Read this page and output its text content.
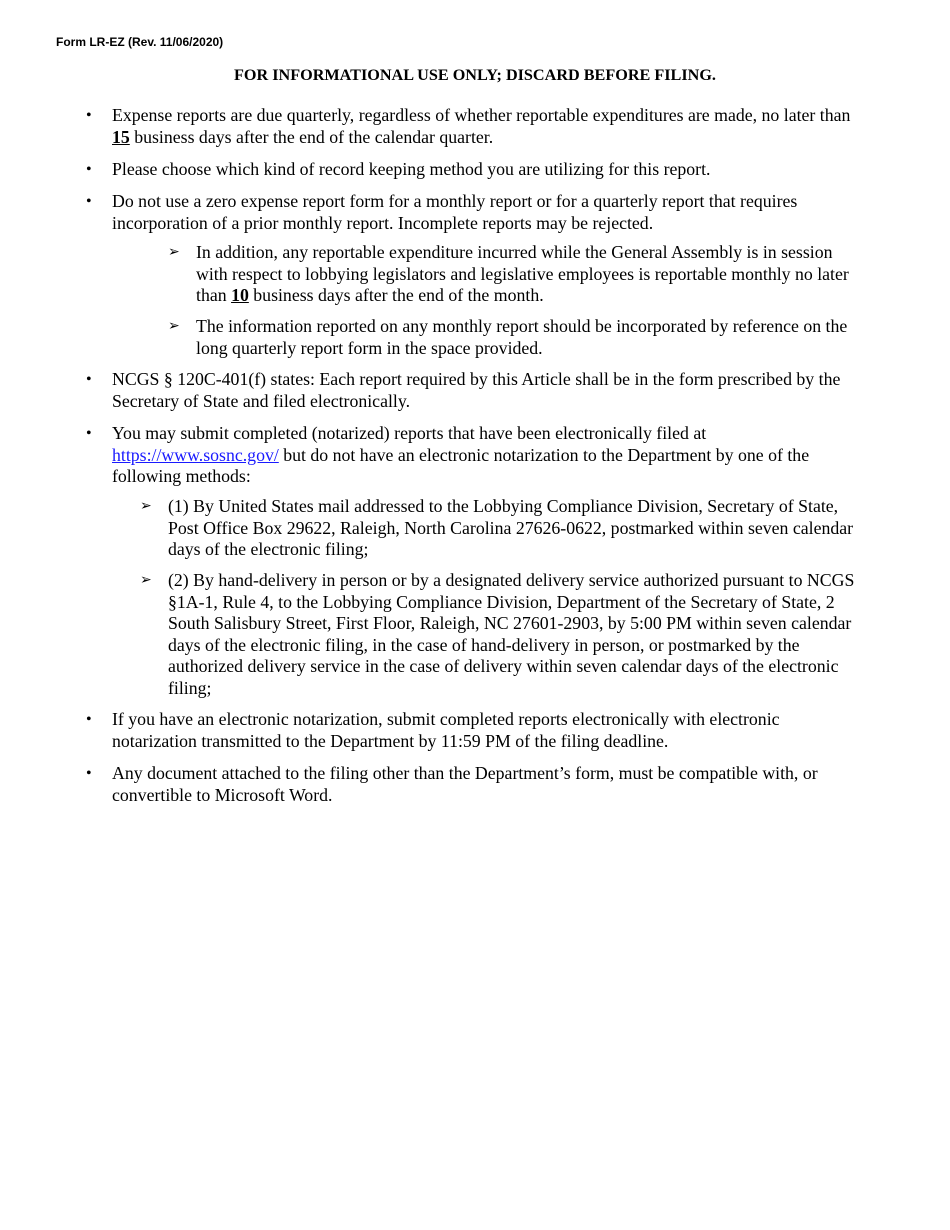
Form LR-EZ (Rev. 11/06/2020)
FOR INFORMATIONAL USE ONLY; DISCARD BEFORE FILING.
• Expense reports are due quarterly, regardless of whether reportable expenditures are made, no later than
15 business days after the end of the calendar quarter.
• Please choose which kind of record keeping method you are utilizing for this report.
• Do not use a zero expense report form for a monthly report or for a quarterly report that requires
incorporation of a prior monthly report. Incomplete reports may be rejected.
➢ In addition, any reportable expenditure incurred while the General Assembly is in session
with respect to lobbying legislators and legislative employees is reportable monthly no later
than 10 business days after the end of the month.
➢ The information reported on any monthly report should be incorporated by reference on the
long quarterly report form in the space provided.
• NCGS § 120C-401(f) states: Each report required by this Article shall be in the form prescribed by the
Secretary of State and filed electronically.
• You may submit completed (notarized) reports that have been electronically filed at
https://www.sosnc.gov/ but do not have an electronic notarization to the Department by one of the
following methods:
➢ (1) By United States mail addressed to the Lobbying Compliance Division, Secretary of State,
Post Office Box 29622, Raleigh, North Carolina 27626-0622, postmarked within seven calendar
days of the electronic filing;
➢ (2) By hand-delivery in person or by a designated delivery service authorized pursuant to NCGS
§1A-1, Rule 4, to the Lobbying Compliance Division, Department of the Secretary of State, 2
South Salisbury Street, First Floor, Raleigh, NC 27601-2903, by 5:00 PM within seven calendar
days of the electronic filing, in the case of hand-delivery in person, or postmarked by the
authorized delivery service in the case of delivery within seven calendar days of the electronic
filing;
• If you have an electronic notarization, submit completed reports electronically with electronic
notarization transmitted to the Department by 11:59 PM of the filing deadline.
• Any document attached to the filing other than the Department’s form, must be compatible with, or
convertible to Microsoft Word.
